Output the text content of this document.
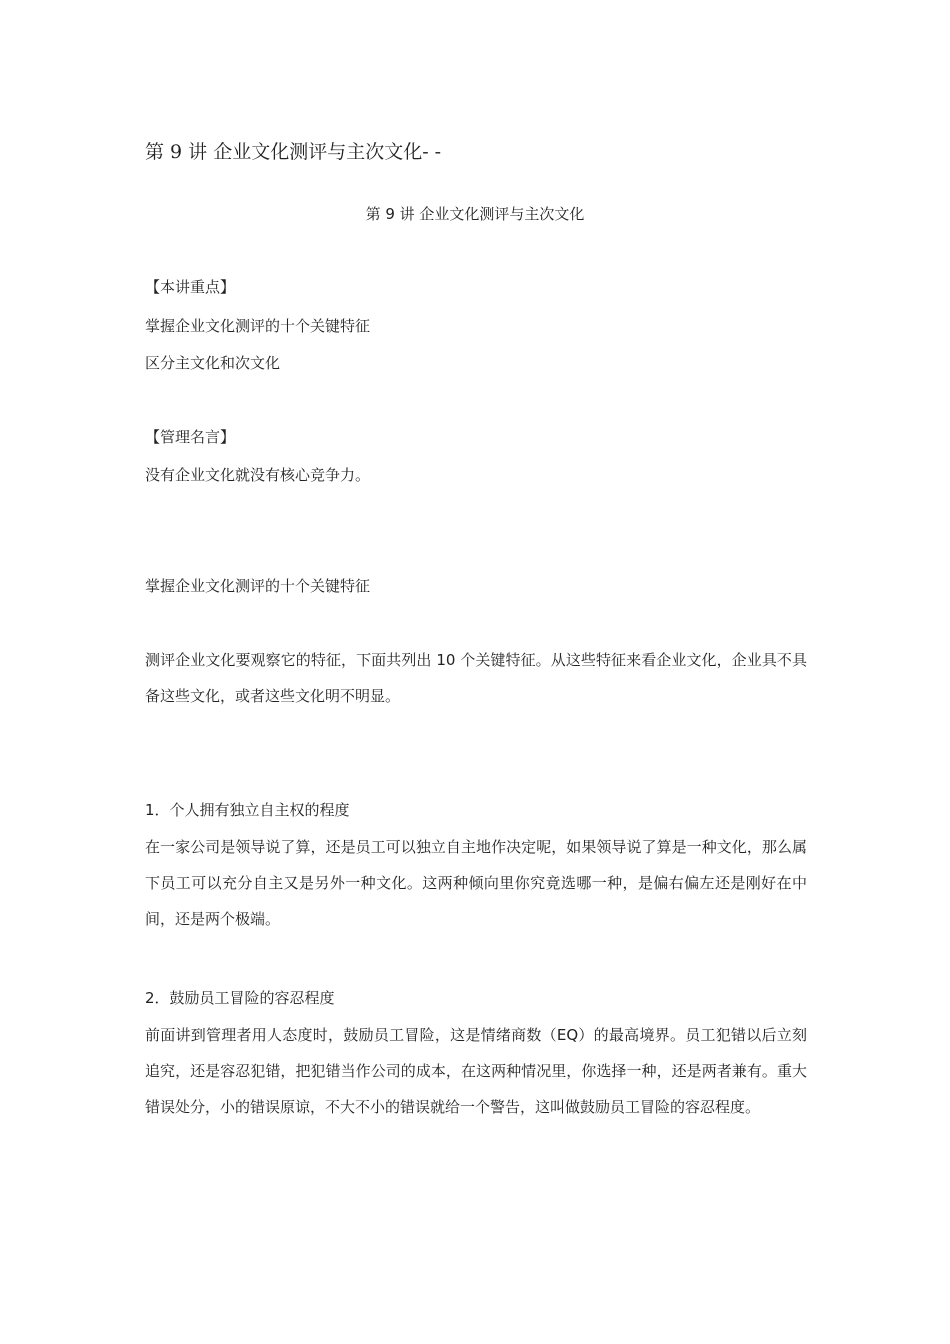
第 9 讲 企业文化测评与主次文化- -

第 9 讲 企业文化测评与主次文化

【本讲重点】

掌握企业文化测评的十个关键特征

区分主文化和次文化

【管理名言】

没有企业文化就没有核心竞争力。

掌握企业文化测评的十个关键特征

测评企业文化要观察它的特征，下面共列出 10 个关键特征。从这些特征来看企业文化，企业具不具备这些文化，或者这些文化明不明显。

1．个人拥有独立自主权的程度

在一家公司是领导说了算，还是员工可以独立自主地作决定呢，如果领导说了算是一种文化，那么属下员工可以充分自主又是另外一种文化。这两种倾向里你究竟选哪一种，是偏右偏左还是刚好在中间，还是两个极端。

2．鼓励员工冒险的容忍程度

前面讲到管理者用人态度时，鼓励员工冒险，这是情绪商数（EQ）的最高境界。员工犯错以后立刻追究，还是容忍犯错，把犯错当作公司的成本，在这两种情况里，你选择一种，还是两者兼有。重大错误处分，小的错误原谅，不大不小的错误就给一个警告，这叫做鼓励员工冒险的容忍程度。
